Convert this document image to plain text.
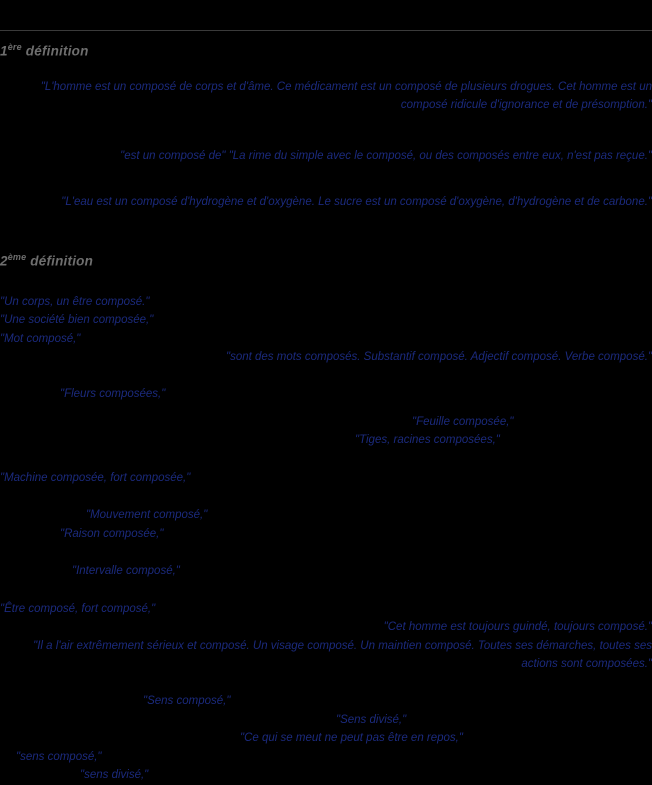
1ère définition
"L'homme est un composé de corps et d'âme. Ce médicament est un composé de plusieurs drogues. Cet homme est un composé ridicule d'ignorance et de présomption."
"est un composé de" "La rime du simple avec le composé, ou des composés entre eux, n'est pas reçue."
"L'eau est un composé d'hydrogène et d'oxygène. Le sucre est un composé d'oxygène, d'hydrogène et de carbone."
2ème définition
"Un corps, un être composé."
"Une société bien composée,"
"Mot composé,"
"sont des mots composés. Substantif composé. Adjectif composé. Verbe composé."
"Fleurs composées,"
"Feuille composée,"
"Tiges, racines composées,"
"Machine composée, fort composée,"
"Mouvement composé,"
"Raison composée,"
"Intervalle composé,"
"Être composé, fort composé,"
"Cet homme est toujours guindé, toujours composé."
"Il a l'air extrêmement sérieux et composé. Un visage composé. Un maintien composé. Toutes ses démarches, toutes ses actions sont composées."
"Sens composé,"
"Sens divisé,"
"Ce qui se meut ne peut pas être en repos,"
"sens composé,"
"sens divisé,"
